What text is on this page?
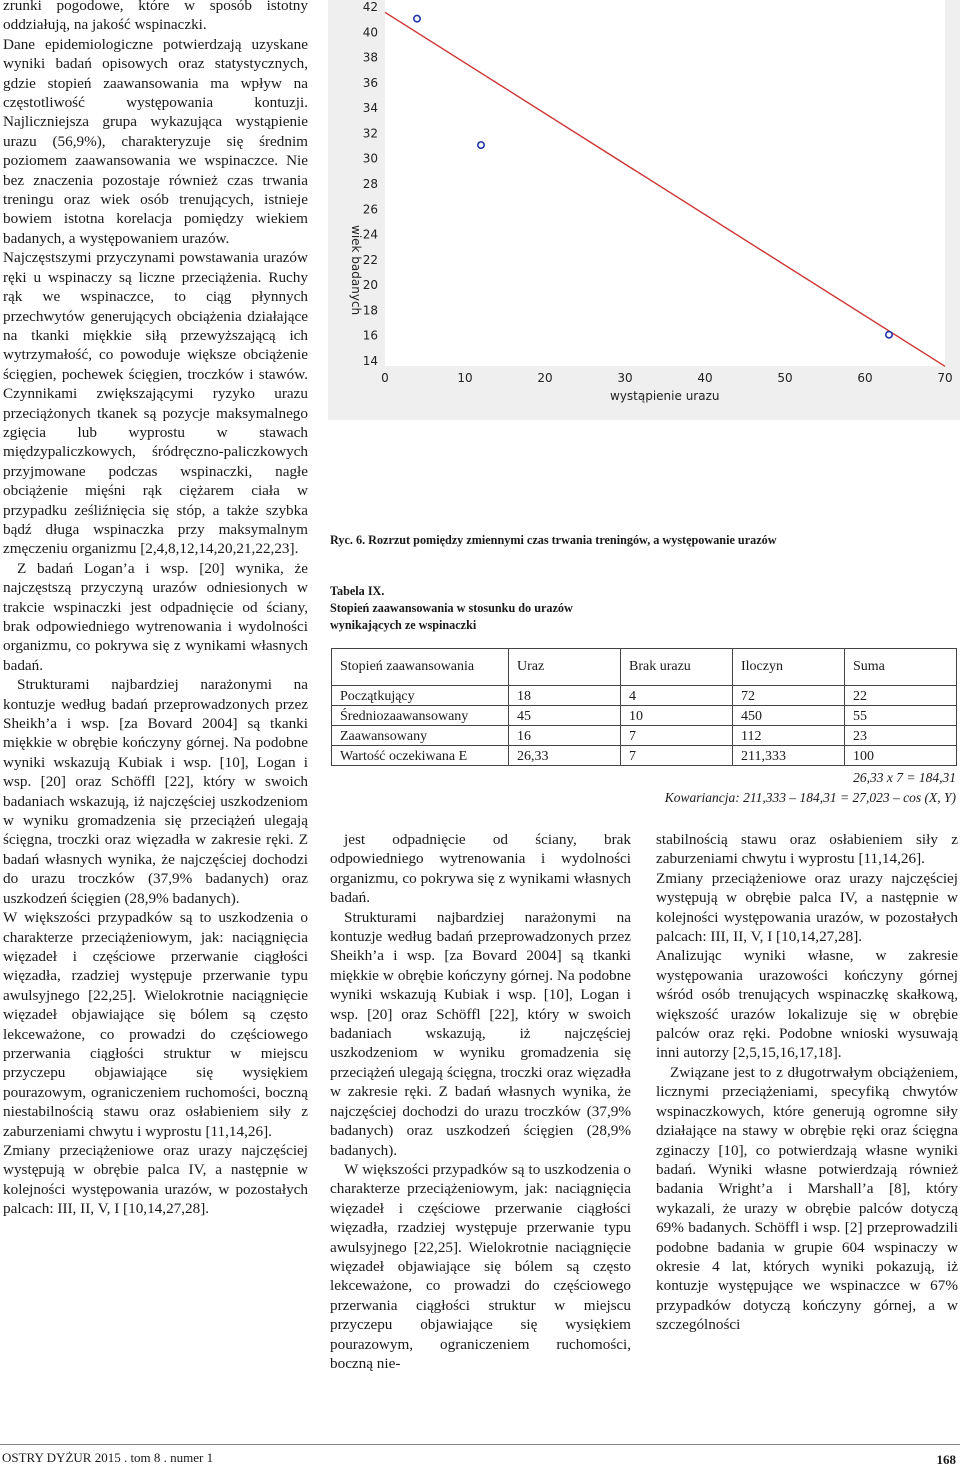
zrunki pogodowe, które w sposób istotny oddziałują, na jakość wspinaczki.

Dane epidemiologiczne potwierdzają uzyskane wyniki badań opisowych oraz statystycznych, gdzie stopień zaawansowania ma wpływ na częstotliwość występowania kontuzji. Najliczniejsza grupa wykazująca wystąpienie urazu (56,9%), charakteryzuje się średnim poziomem zaawansowania we wspinaczce. Nie bez znaczenia pozostaje również czas trwania treningu oraz wiek osób trenujących, istnieje bowiem istotna korelacja pomiędzy wiekiem badanych, a występowaniem urazów.

Najczęstszymi przyczynami powstawania urazów ręki u wspinaczy są liczne przeciążenia. Ruchy rąk we wspinaczce, to ciąg płynnych przechwytów generujących obciążenia działające na tkanki miękkie siłą przewyższającą ich wytrzymałość, co powoduje większe obciążenie ścięgien, pochewek ścięgien, troczków i stawów. Czynnikami zwiększającymi ryzyko urazu przeciążonych tkanek są pozycje maksymalnego zgięcia lub wyprostu w stawach międzypaliczkowych, śródręczno-paliczkowych przyjmowane podczas wspinaczki, nagłe obciążenie mięśni rąk ciężarem ciała w przypadku ześliźnięcia się stóp, a także szybka bądź długa wspinaczka przy maksymalnym zmęczeniu organizmu [2,4,8,12,14,20,21,22,23].

Z badań Logan’a i wsp. [20] wynika, że najczęstszą przyczyną urazów odniesionych w trakcie wspinaczki jest odpadnięcie od ściany, brak odpowiedniego wytrenowania i wydolności organizmu, co pokrywa się z wynikami własnych badań.

Strukturami najbardziej narażonymi na kontuzje według badań przeprowadzonych przez Sheikh’a i wsp. [za Bovard 2004] są tkanki miękkie w obrębie kończyny górnej. Na podobne wyniki wskazują Kubiak i wsp. [10], Logan i wsp. [20] oraz Schöffl [22], który w swoich badaniach wskazują, iż najczęściej uszkodzeniom w wyniku gromadzenia się przeciążeń ulegają ścięgna, troczki oraz więzadła w zakresie ręki. Z badań własnych wynika, że najczęściej dochodzi do urazu troczków (37,9% badanych) oraz uszkodzeń ścięgien (28,9% badanych).

W większości przypadków są to uszkodzenia o charakterze przeciążeniowym, jak: naciągnięcia więzadeł i częściowe przerwanie ciągłości więzadła, rzadziej występuje przerwanie typu awulsyjnego [22,25]. Wielokrotnie naciągnięcie więzadeł objawiające się bólem są często lekceważone, co prowadzi do częściowego przerwania ciągłości struktur w miejscu przyczepu objawiające się wysiękiem pourazowym, ograniczeniem ruchomości, boczną niestabilnością stawu oraz osłabieniem siły z zaburzeniami chwytu i wyprostu [11,14,26].

Zmiany przeciążeniowe oraz urazy najczęściej występują w obrębie palca IV, a następnie w kolejności występowania urazów, w pozostałych palcach: III, II, V, I [10,14,27,28].

14
16
18
20
22
24
26
28
30
32
34
36
38
40
42
0	10	20	30	40	50	60	70
wiek badanych
wystąpienie urazu
Ryc. 6. Rozrzut pomiędzy zmiennymi czas trwania treningów, a występowanie urazów
Tabela IX.
Stopień zaawansowania w stosunku do urazów wynikających ze wspinaczki
Stopień zaawansowania	Uraz	Brak urazu	Iloczyn	Suma
Początkujący	18	4	72	22
Średniozaawansowany	45	10	450	55
Zaawansowany	16	7	112	23
Wartość oczekiwana E	26,33	7	211,333	100
26,33 x 7 = 184,31
Kowariancja: 211,333 – 184,31 = 27,023 – cos (X, Y)

jest odpadnięcie od ściany, brak odpowiedniego wytrenowania i wydolności organizmu, co pokrywa się z wynikami własnych badań.

Strukturami najbardziej narażonymi na kontuzje według badań przeprowadzonych przez Sheikh’a i wsp. [za Bovard 2004] są tkanki miękkie w obrębie kończyny górnej. Na podobne wyniki wskazują Kubiak i wsp. [10], Logan i wsp. [20] oraz Schöffl [22], który w swoich badaniach wskazują, iż najczęściej uszkodzeniom w wyniku gromadzenia się przeciążeń ulegają ścięgna, troczki oraz więzadła w zakresie ręki. Z badań własnych wynika, że najczęściej dochodzi do urazu troczków (37,9% badanych) oraz uszkodzeń ścięgien (28,9% badanych).

W większości przypadków są to uszkodzenia o charakterze przeciążeniowym, jak: naciągnięcia więzadeł i częściowe przerwanie ciągłości więzadła, rzadziej występuje przerwanie typu awulsyjnego [22,25]. Wielokrotnie naciągnięcie więzadeł objawiające się bólem są często lekceważone, co prowadzi do częściowego przerwania ciągłości struktur w miejscu przyczepu objawiające się wysiękiem pourazowym, ograniczeniem ruchomości, boczną nie-

stabilnością stawu oraz osłabieniem siły z zaburzeniami chwytu i wyprostu [11,14,26].

Zmiany przeciążeniowe oraz urazy najczęściej występują w obrębie palca IV, a następnie w kolejności występowania urazów, w pozostałych palcach: III, II, V, I [10,14,27,28].

Analizując wyniki własne, w zakresie występowania urazowości kończyny górnej wśród osób trenujących wspinaczkę skałkową, większość urazów lokalizuje się w obrębie palców oraz ręki. Podobne wnioski wysuwają inni autorzy [2,5,15,16,17,18].

Związane jest to z długotrwałym obciążeniem, licznymi przeciążeniami, specyfiką chwytów wspinaczkowych, które generują ogromne siły działające na stawy w obrębie ręki oraz ścięgna zginaczy [10], co potwierdzają własne wyniki badań. Wyniki własne potwierdzają również badania Wright’a i Marshall’a [8], który wykazali, że urazy w obrębie palców dotyczą 69% badanych. Schöffl i wsp. [2] przeprowadzili podobne badania w grupie 604 wspinaczy w okresie 4 lat, których wyniki pokazują, iż kontuzje występujące we wspinaczce w 67% przypadków dotyczą kończyny górnej, a w szczególności

OSTRY DYŻUR 2015 . tom 8 . numer 1	168
